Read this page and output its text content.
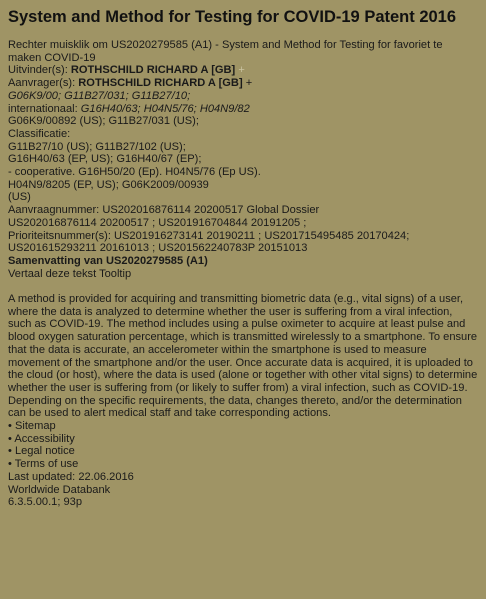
System and Method for Testing for COVID-19 Patent 2016
Rechter muisklik om US2020279585 (A1) - System and Method for Testing for favoriet te maken COVID-19
Uitvinder(s): ROTHSCHILD RICHARD A [GB] +
Aanvrager(s): ROTHSCHILD RICHARD A [GB] +
G06K9/00; G11B27/031; G11B27/10;
internationaal: G16H40/63; H04N5/76; H04N9/82
G06K9/00892 (US); G11B27/031 (US);
Classificatie:
G11B27/10 (US); G11B27/102 (US);
G16H40/63 (EP, US); G16H40/67 (EP);
- cooperative. G16H50/20 (Ep). H04N5/76 (Ep US).
H04N9/8205 (EP, US); G06K2009/00939
(US)
Aanvraagnummer: US202016876114 20200517 Global Dossier
US202016876114 20200517 ; US201916704844 20191205 ;
Prioriteitsnummer(s): US201916273141 20190211 ; US201715495485 20170424;
US201615293211 20161013 ; US201562240783P 20151013
Samenvatting van US2020279585 (A1)
Vertaal deze tekst Tooltip
A method is provided for acquiring and transmitting biometric data (e.g., vital signs) of a user, where the data is analyzed to determine whether the user is suffering from a viral infection, such as COVID-19. The method includes using a pulse oximeter to acquire at least pulse and blood oxygen saturation percentage, which is transmitted wirelessly to a smartphone. To ensure that the data is accurate, an accelerometer within the smartphone is used to measure movement of the smartphone and/or the user. Once accurate data is acquired, it is uploaded to the cloud (or host), where the data is used (alone or together with other vital signs) to determine whether the user is suffering from (or likely to suffer from) a viral infection, such as COVID-19. Depending on the specific requirements, the data, changes thereto, and/or the determination can be used to alert medical staff and take corresponding actions.
• Sitemap
• Accessibility
• Legal notice
• Terms of use
Last updated: 22.06.2016
Worldwide Databank
6.3.5.00.1; 93p
